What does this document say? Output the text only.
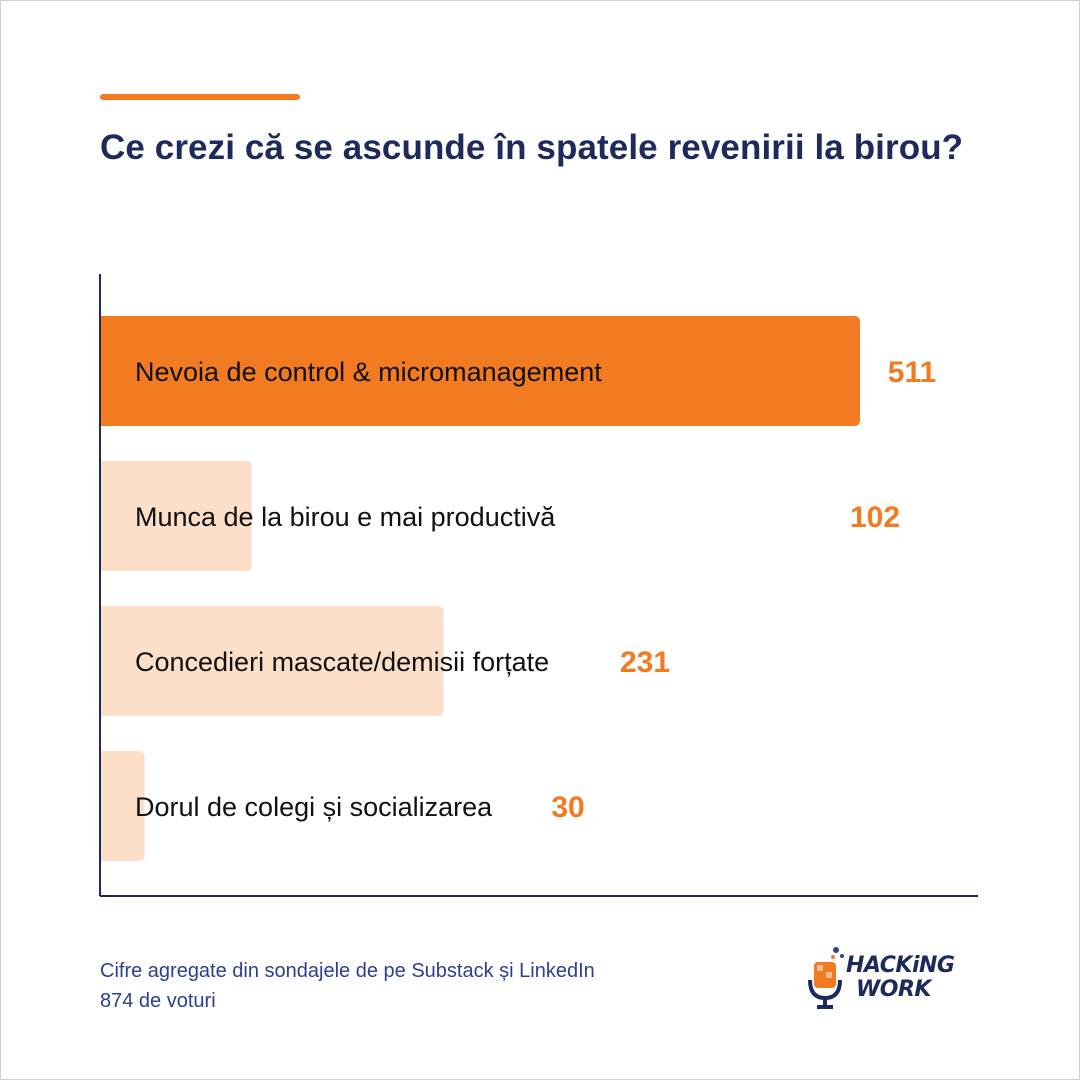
Ce crezi că se ascunde în spatele revenirii la birou?
Nevoia de control & micromanagement	511
Munca de la birou e mai productivă	102
Concedieri mascate/demisii forțate 231
Dorul de colegi și socializarea 30
Cifre agregate din sondajele de pe Substack și LinkedIn
874 de voturi
HACKiNG
WORK
